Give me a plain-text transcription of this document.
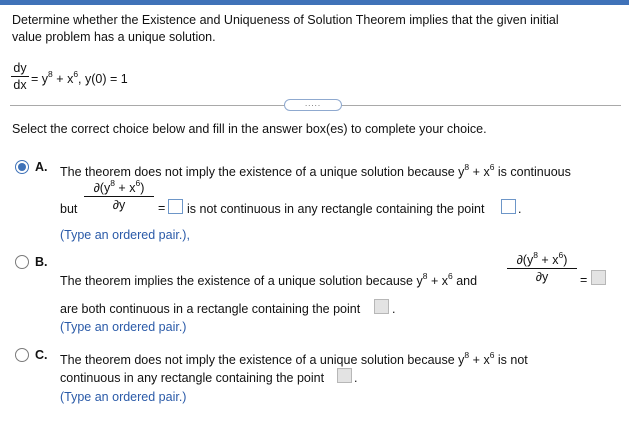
Determine whether the Existence and Uniqueness of Solution Theorem implies that the given initial
value problem has a unique solution.
dy
dx = $y^8 + x^6$, y(0) = 1
.....
Select the correct choice below and fill in the answer box(es) to complete your choice.
A. The theorem does not imply the existence of a unique solution because $y^8 + x^6$ is continuous
but
$\partial(y^8 + x^6)$
∂y	= is not continuous in any rectangle containing the point	.
(Type an ordered pair.),
B.
The theorem implies the existence of a unique solution because $y^8 + x^6$ and
$\partial(y^8 + x^6)$
∂y	=
are both continuous in a rectangle containing the point	.
(Type an ordered pair.)
C. The theorem does not imply the existence of a unique solution because $y^8 + x^6$ is not
continuous in any rectangle containing the point .
(Type an ordered pair.)
